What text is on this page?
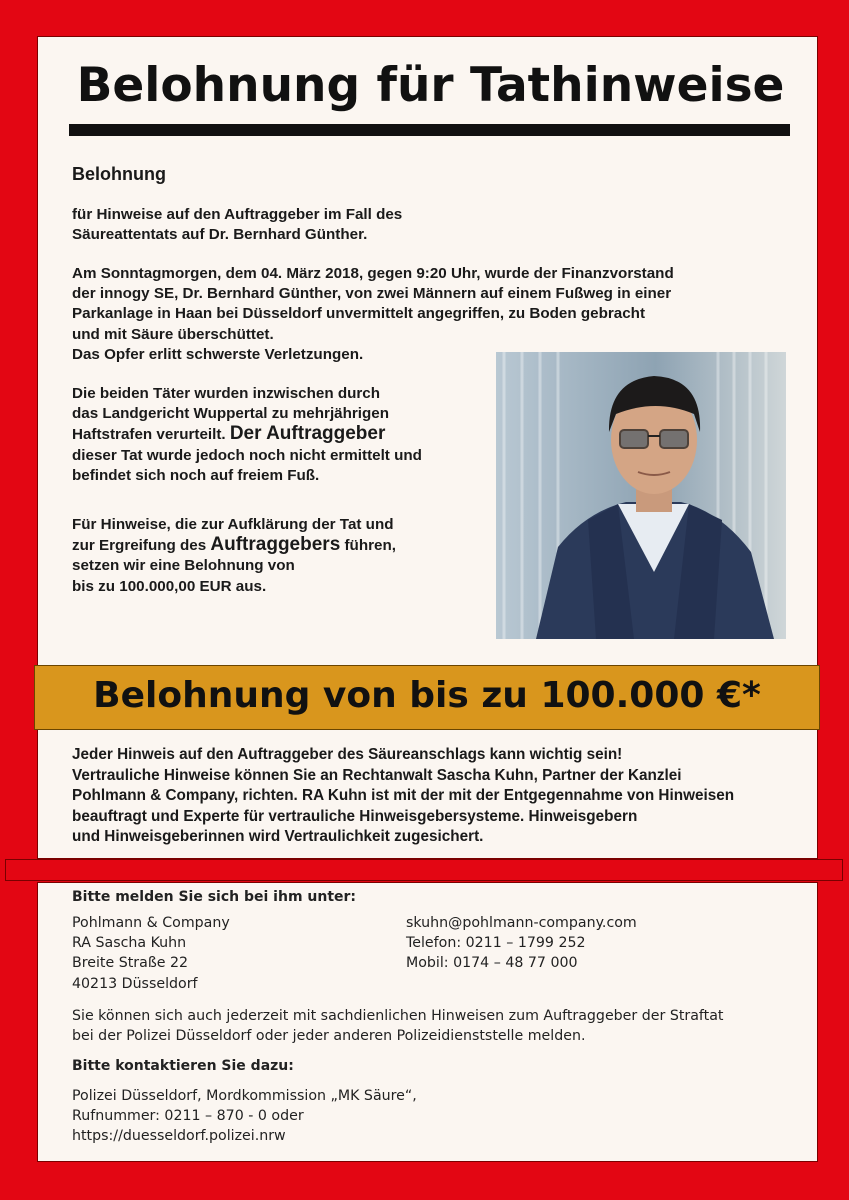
Belohnung für Tathinweise
Belohnung
für Hinweise auf den Auftraggeber im Fall des
Säureattentats auf Dr. Bernhard Günther.
Am Sonntagmorgen, dem 04. März 2018, gegen 9:20 Uhr, wurde der Finanzvorstand
der innogy SE, Dr. Bernhard Günther, von zwei Männern auf einem Fußweg in einer
Parkanlage in Haan bei Düsseldorf unvermittelt angegriffen, zu Boden gebracht
und mit Säure überschüttet.
Das Opfer erlitt schwerste Verletzungen.
Die beiden Täter wurden inzwischen durch
das Landgericht Wuppertal zu mehrjährigen
Haftstrafen verurteilt. Der Auftraggeber
dieser Tat wurde jedoch noch nicht ermittelt und
befindet sich noch auf freiem Fuß.
Für Hinweise, die zur Aufklärung der Tat und
zur Ergreifung des Auftraggebers führen,
setzen wir eine Belohnung von
bis zu 100.000,00 EUR aus.
Belohnung von bis zu 100.000 €*
Jeder Hinweis auf den Auftraggeber des Säureanschlags kann wichtig sein!
Vertrauliche Hinweise können Sie an Rechtanwalt Sascha Kuhn, Partner der Kanzlei
Pohlmann & Company, richten. RA Kuhn ist mit der mit der Entgegennahme von Hinweisen
beauftragt und Experte für vertrauliche Hinweisgebersysteme. Hinweisgebern
und Hinweisgeberinnen wird Vertraulichkeit zugesichert.
Bitte melden Sie sich bei ihm unter:
Pohlmann & Company
RA Sascha Kuhn
Breite Straße 22
40213 Düsseldorf
skuhn@pohlmann-company.com
Telefon: 0211 – 1799 252
Mobil: 0174 – 48 77 000
Sie können sich auch jederzeit mit sachdienlichen Hinweisen zum Auftraggeber der Straftat
bei der Polizei Düsseldorf oder jeder anderen Polizeidienststelle melden.
Bitte kontaktieren Sie dazu:
Polizei Düsseldorf, Mordkommission „MK Säure“,
Rufnummer: 0211 – 870 - 0 oder
https://duesseldorf.polizei.nrw
